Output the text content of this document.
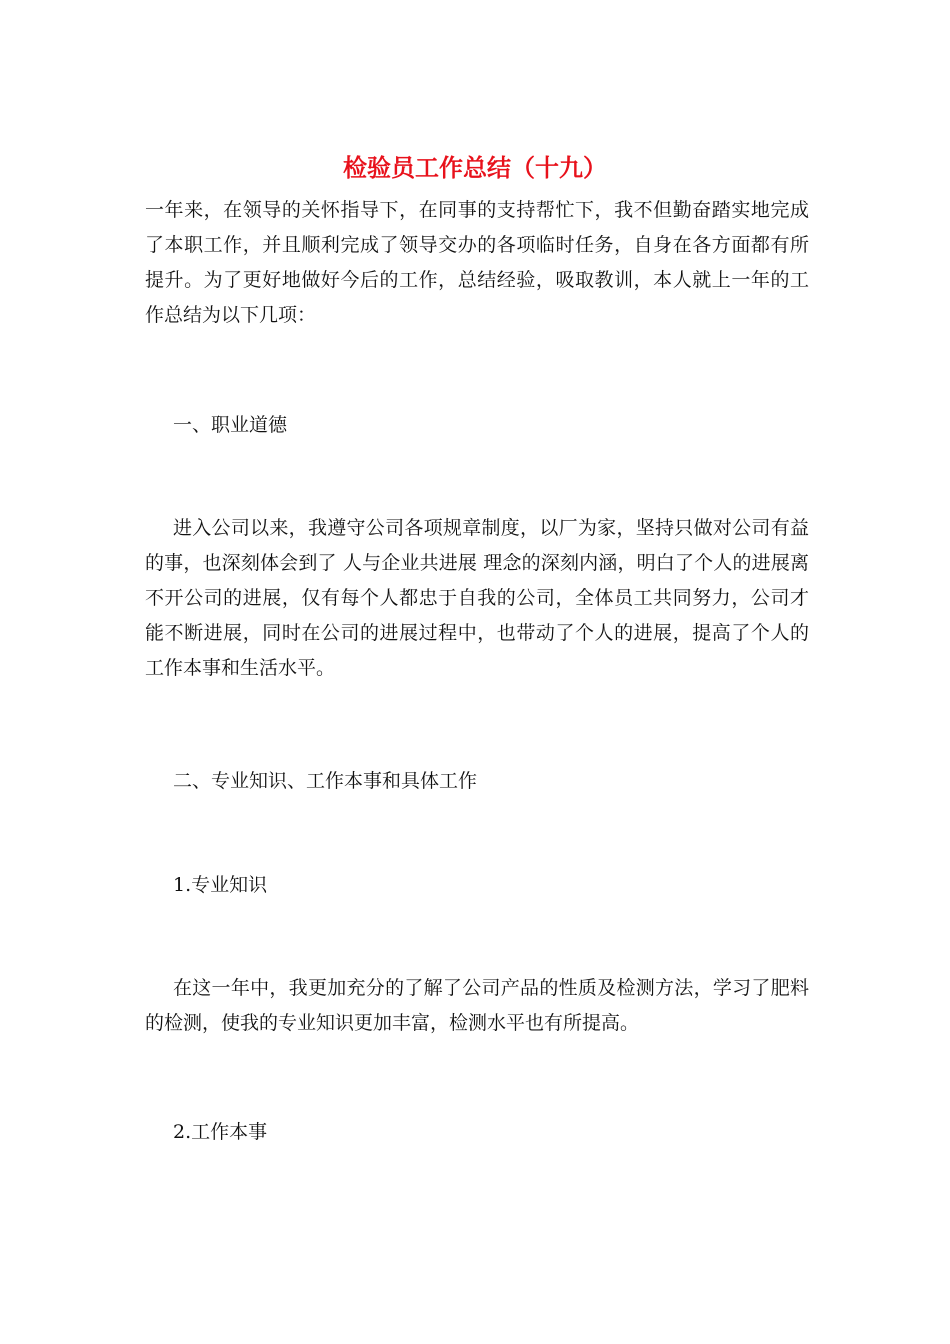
检验员工作总结（十九）
一年来，在领导的关怀指导下，在同事的支持帮忙下，我不但勤奋踏实地完成了本职工作，并且顺利完成了领导交办的各项临时任务，自身在各方面都有所提升。为了更好地做好今后的工作，总结经验，吸取教训，本人就上一年的工作总结为以下几项：
一、职业道德
进入公司以来，我遵守公司各项规章制度，以厂为家，坚持只做对公司有益的事，也深刻体会到了 人与企业共进展 理念的深刻内涵，明白了个人的进展离不开公司的进展，仅有每个人都忠于自我的公司，全体员工共同努力，公司才能不断进展，同时在公司的进展过程中，也带动了个人的进展，提高了个人的工作本事和生活水平。
二、专业知识、工作本事和具体工作
1.专业知识
在这一年中，我更加充分的了解了公司产品的性质及检测方法，学习了肥料的检测，使我的专业知识更加丰富，检测水平也有所提高。
2.工作本事
